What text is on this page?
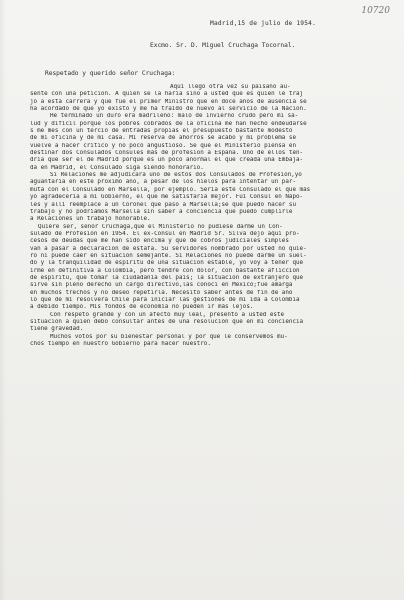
10720
Madrid,15 de julio de 1954.
Excmo. Sr. D. Miguel Cruchaga Tocornal.
Respetado y querido señor Cruchaga:
Aquí llego otra vez su paisano au-
sente con una petición. A quién se la haría sino a usted que es quien le traj
jo a esta carrera y que fué el primer Ministro que en doce años de ausencia se
ha acordado de que yo existo y me ha traído de nuevo al servicio de la Nación.
He terminado un duro era madrileño: malo de invierno crudo pero mi sa-
lud y difícil porque los pobres cobrados de la oficina me han hecho endeudarse
s me mes con un tercio de entradas propias el presupuesto bastante modesto
de mi oficina y de mi casa. Mi reserva de ahorros se acabó y mi problema se
vuelve a hacer crítico y no poco angustioso. Sé que el Ministerio piensa en
destinar dos Consulados Cónsules más de profesión a España. Uno de ellos ten-
dría que ser el de Madrid porque es un poco anormal el que creada una Embaja-
da en Madrid, el Consulado siga siendo honorario.
Si Relaciones me adjudicara uno de estos dos Consulados de Profesión,yo
aguantaría en este próximo año, a pesar de los hielos para intentar un par-
muta con el Consulado en Marsella, por ejemplo. Sería este Consulado el que más
yo agradecería a mi Gobierno, el que me satisfaría mejor. Fuí Cónsul en Nápo-
les y allí reemplacé a un Coronel que pasó a Marsella;sé que puedo hacer su
trabajo y no podríamos Marsella sin saber a conciencia que puedo cumplirle
a Relaciones un trabajo honorable.
Quiere ser, señor Cruchaga,que el Ministerio no pudiese darme un Con-
sulado de Profesión en 1954. El ex-Cónsul en Madrid Sr. Silva dejó aquí pro-
cesos de deudas que me han sido encima y que de cobros judiciales simples
van a pasar a declaración de estafa. Su servidores nombrado por usted no quie-
ro ni puede caer en situación semejante. Si Relaciones no puede darme un suel-
do y la tranquilidad de espíritu de una situación estable, yo voy a tener que
irme en definitiva a Colombia, pero tendré con dolor, con bastante aflicción
de espíritu, que tomar la ciudadanía del país; la situación de extranjero que
sirve sin pleno derecho un cargo directivo,las conocí en México;fué amarga
en muchos trechos y no deseo repetirla. Necesito saber antes de fin de año
lo que de mí resolverá Chile para iniciar las gestiones de mi ida a Colombia
a debido tiempo. Mis fondos de economía no pueden ir más lejos.
Con respeto grande y con un afecto muy leal, presento a usted este
situación a quien debo consultar antes de una resolución que en mi conciencia
tiene gravedad.
Muchos votos por su bienestar personal y por que le conservemos mu-
chos tiempo en nuestro Gobierno para hacer nuestro.
